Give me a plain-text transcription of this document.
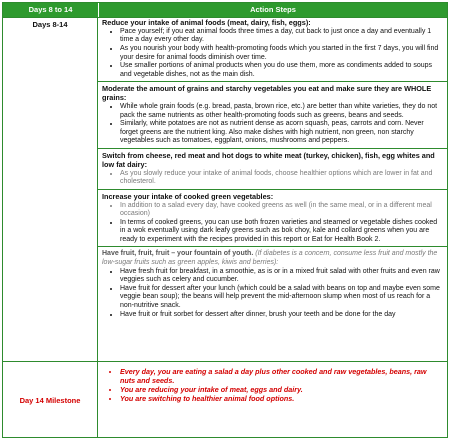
Days 8 to 14	Action Steps
Days 8-14	Reduce your intake of animal foods (meat, dairy, fish, eggs):
• Pace yourself; if you eat animal foods three times a day, cut back to just once a day and eventually 1 time a day every other day.
• As you nourish your body with health-promoting foods which you started in the first 7 days, you will find your desire for animal foods diminish over time.
• Use smaller portions of animal products when you do use them, more as condiments added to soups and vegetable dishes, not as the main dish.
Moderate the amount of grains and starchy vegetables you eat and make sure they are WHOLE grains:
• While whole grain foods (e.g. bread, pasta, brown rice, etc.) are better than white varieties, they do not pack the same nutrients as other health-promoting foods such as greens, beans and seeds.
• Similarly, white potatoes are not as nutrient dense as acorn squash, peas, carrots and corn. Never forget greens are the nutrient king. Also make dishes with high nutrient, non green, non starchy vegetables such as tomatoes, eggplant, onions, mushrooms and peppers.
Switch from cheese, red meat and hot dogs to white meat (turkey, chicken), fish, egg whites and low fat dairy:
• As you slowly reduce your intake of animal foods, choose healthier options which are lower in fat and cholesterol.
Increase your intake of cooked green vegetables:
• In addition to a salad every day, have cooked greens as well (in the same meal, or in a different meal occasion)
• In terms of cooked greens, you can use both frozen varieties and steamed or vegetable dishes cooked in a wok eventually using dark leafy greens such as bok choy, kale and collard greens when you are ready to experiment with the recipes provided in this report or Eat for Health Book 2.
Have fruit, fruit, fruit – your fountain of youth. (If diabetes is a concern, consume less fruit and mostly the low-sugar fruits such as green apples, kiwis and berries):
• Have fresh fruit for breakfast, in a smoothie, as is or in a mixed fruit salad with other fruits and even raw veggies such as celery and cucumber.
• Have fruit for dessert after your lunch (which could be a salad with beans on top and maybe even some veggie bean soup); the beans will help prevent the mid-afternoon slump when most of us reach for a non-nutritive snack.
• Have fruit or fruit sorbet for dessert after dinner, brush your teeth and be done for the day
Day 14 Milestone
• Every day, you are eating a salad a day plus other cooked and raw vegetables, beans, raw nuts and seeds.
• You are reducing your intake of meat, eggs and dairy.
• You are switching to healthier animal food options.
